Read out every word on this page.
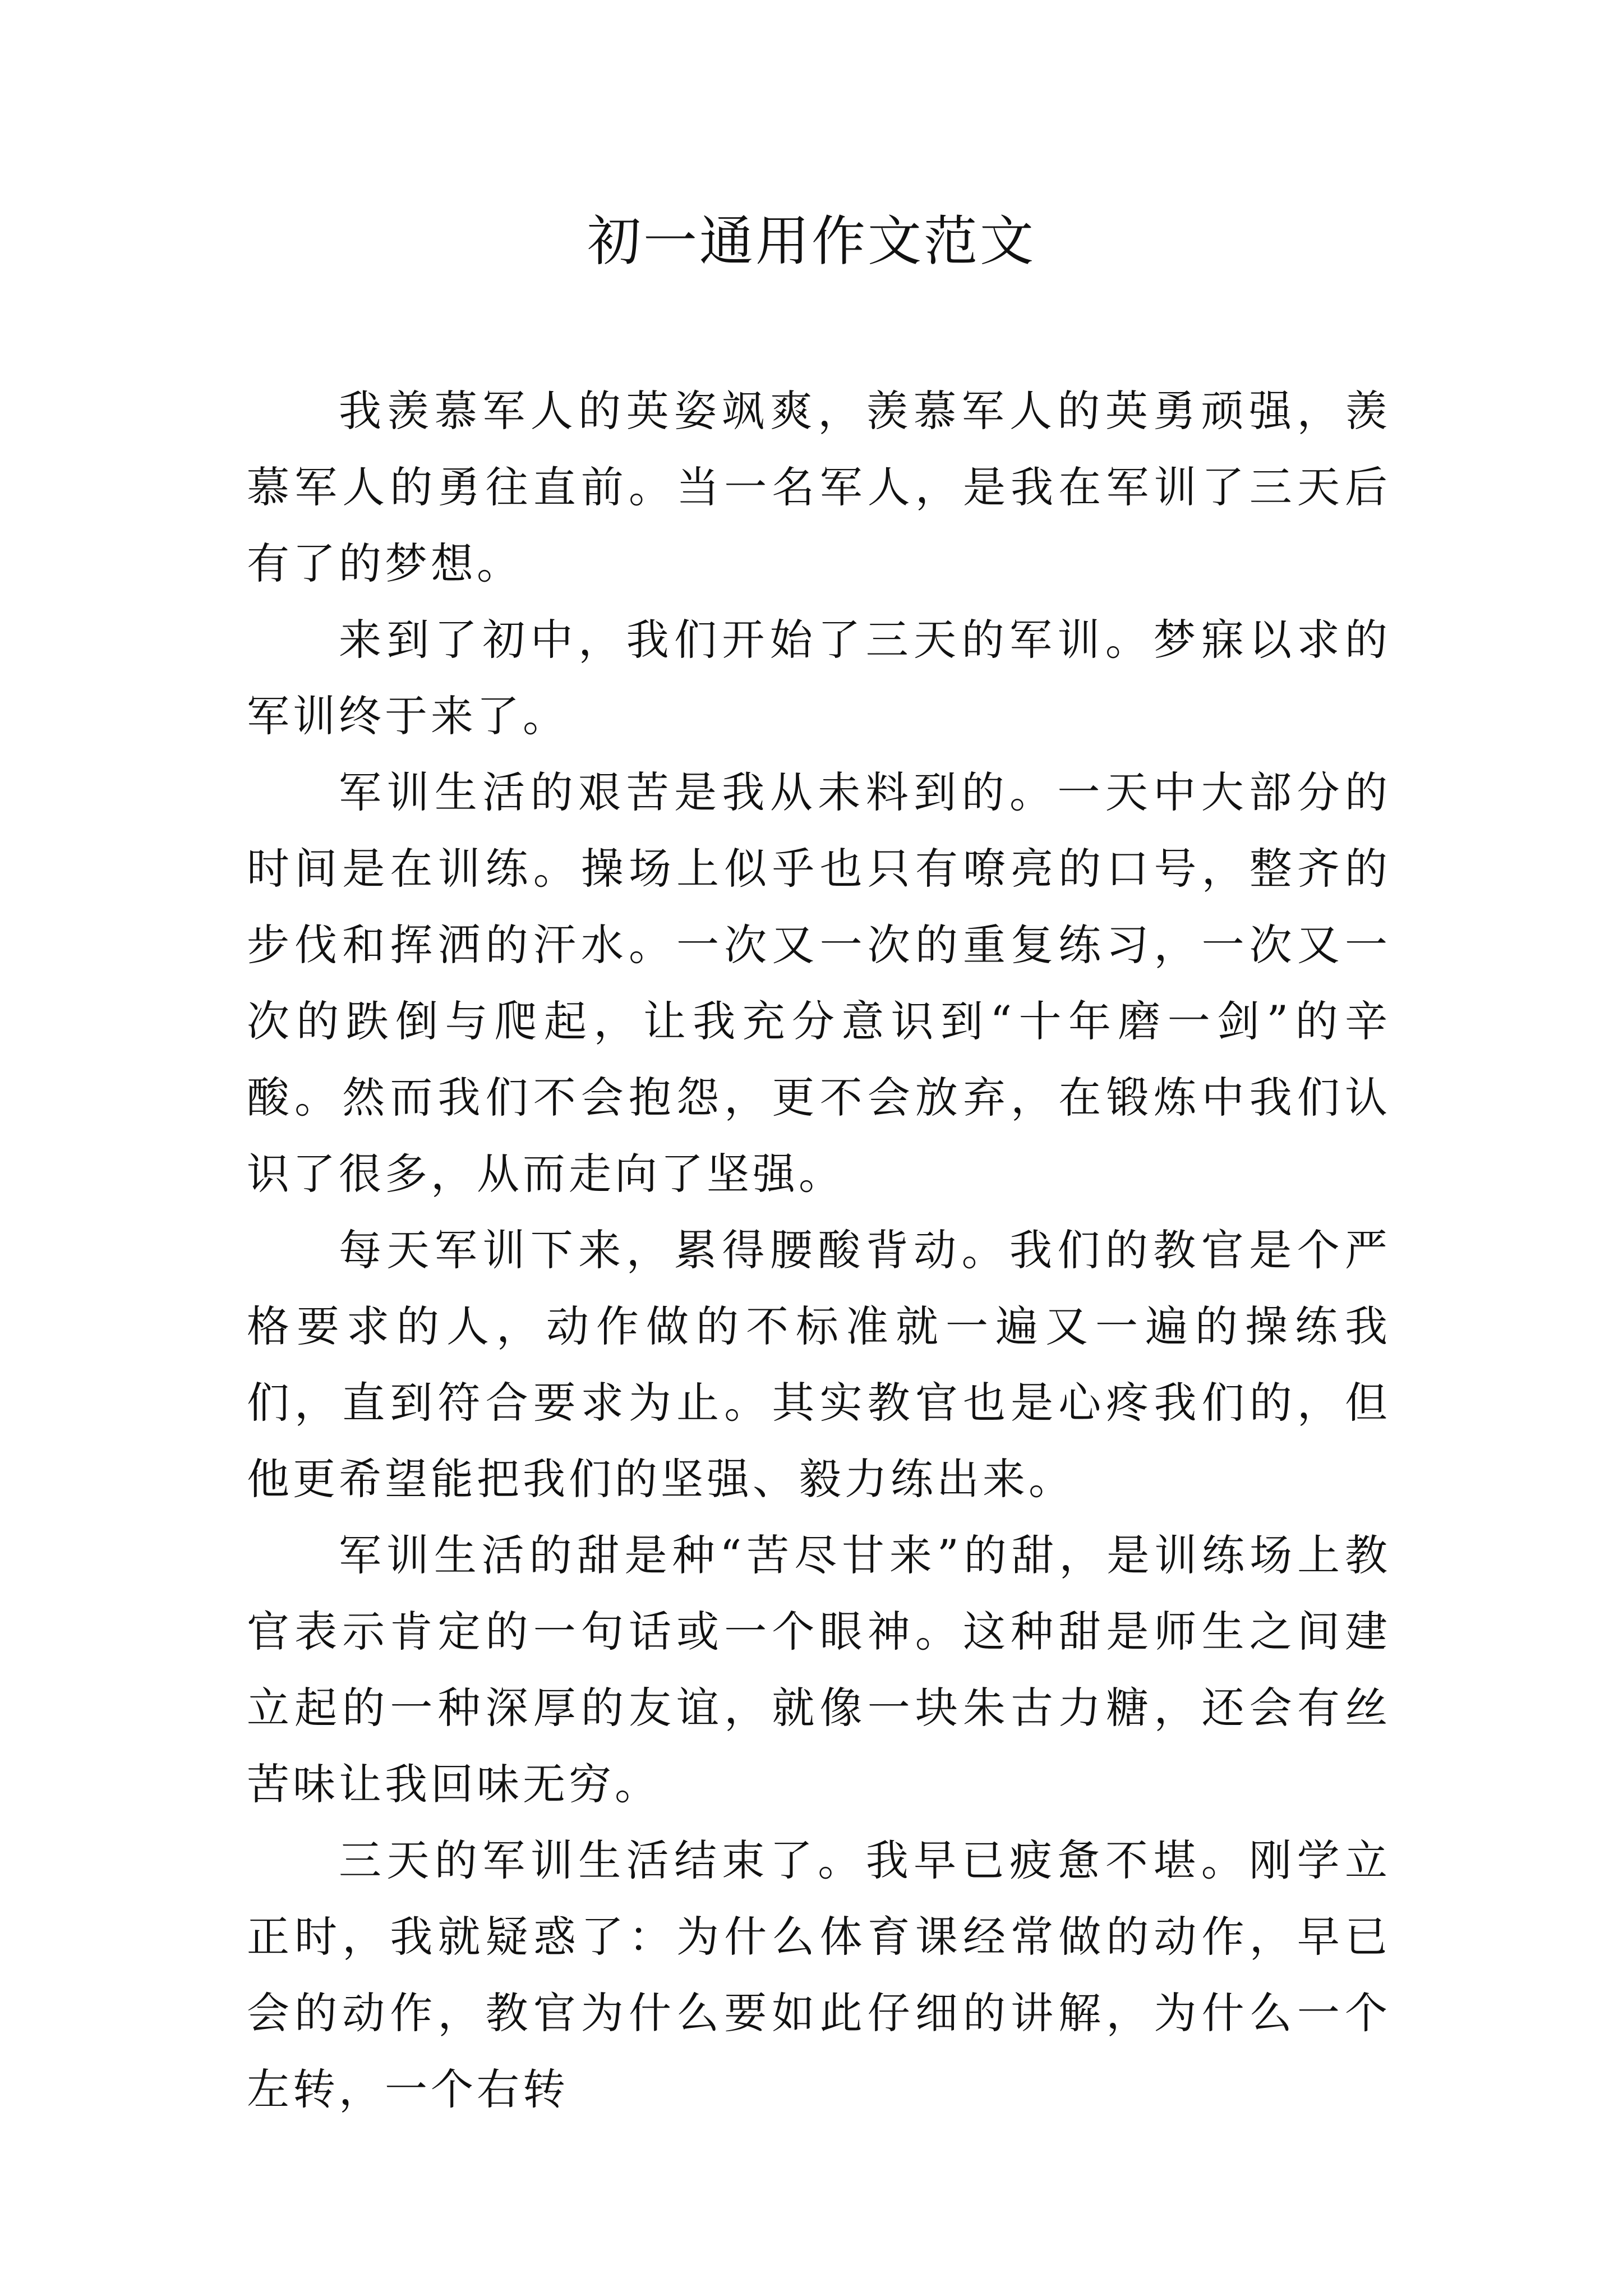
初一通用作文范文

我羡慕军人的英姿飒爽，羡慕军人的英勇顽强，羡慕军人的勇往直前。当一名军人，是我在军训了三天后有了的梦想。

来到了初中，我们开始了三天的军训。梦寐以求的军训终于来了。

军训生活的艰苦是我从未料到的。一天中大部分的时间是在训练。操场上似乎也只有嘹亮的口号，整齐的步伐和挥洒的汗水。一次又一次的重复练习，一次又一次的跌倒与爬起，让我充分意识到“十年磨一剑”的辛酸。然而我们不会抱怨，更不会放弃，在锻炼中我们认识了很多，从而走向了坚强。

每天军训下来，累得腰酸背动。我们的教官是个严格要求的人，动作做的不标准就一遍又一遍的操练我们，直到符合要求为止。其实教官也是心疼我们的，但他更希望能把我们的坚强、毅力练出来。

军训生活的甜是种“苦尽甘来”的甜，是训练场上教官表示肯定的一句话或一个眼神。这种甜是师生之间建立起的一种深厚的友谊，就像一块朱古力糖，还会有丝苦味让我回味无穷。

三天的军训生活结束了。我早已疲惫不堪。刚学立正时，我就疑惑了：为什么体育课经常做的动作，早已会的动作，教官为什么要如此仔细的讲解，为什么一个左转，一个右转
